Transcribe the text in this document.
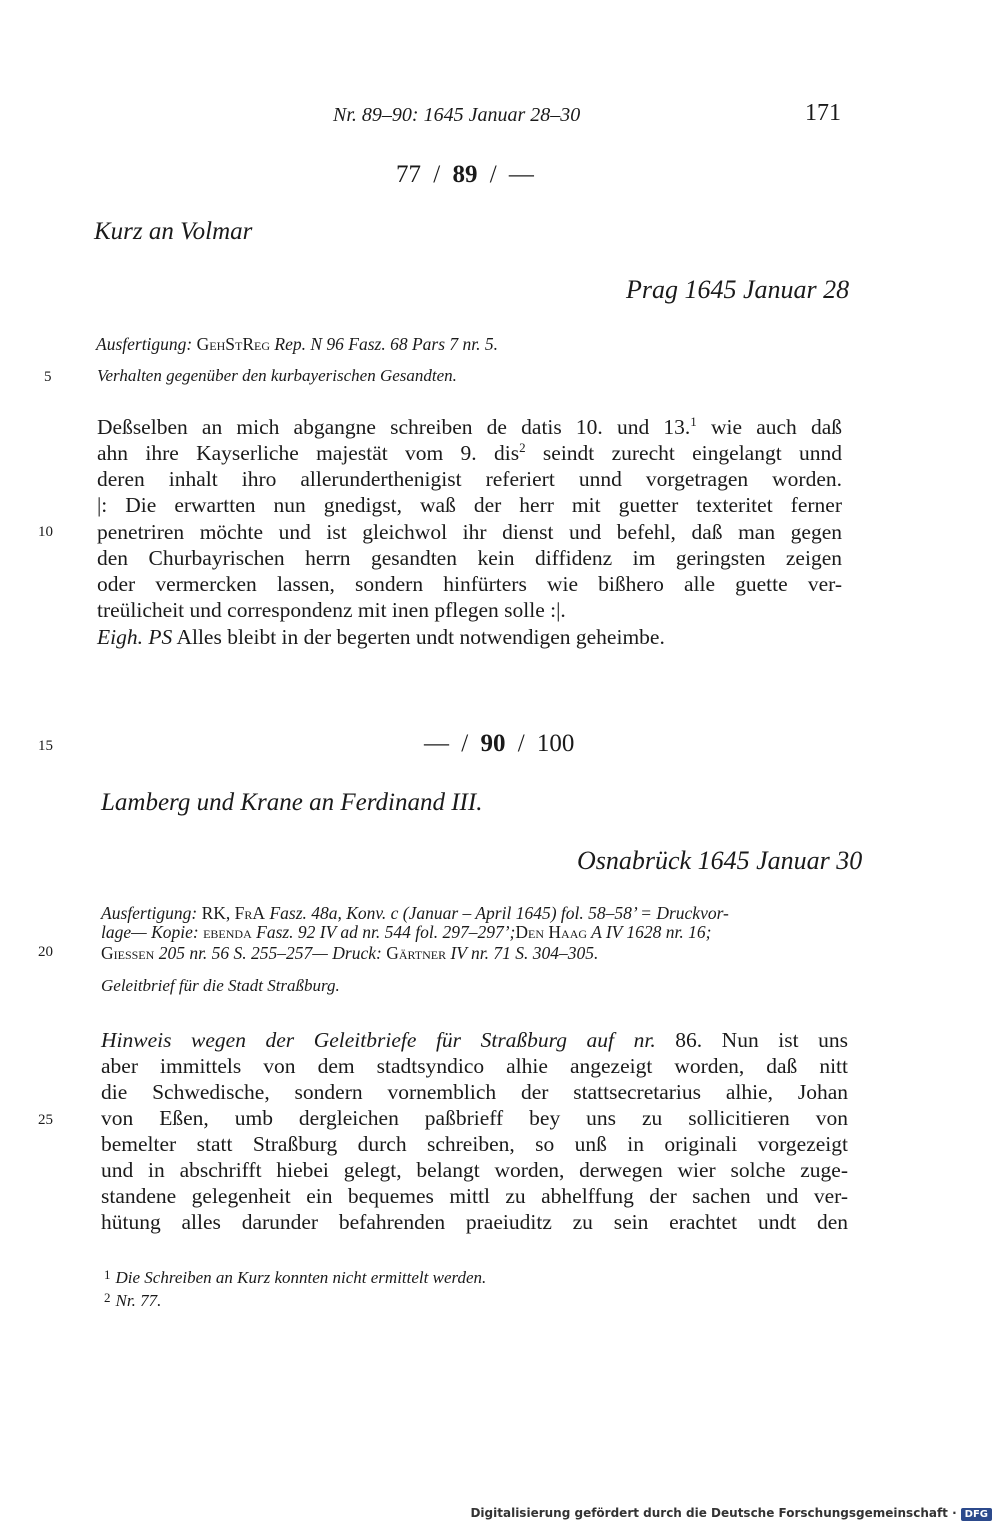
Nr. 89–90: 1645 Januar 28–30	171
77 / 89 / —
Kurz an Volmar
Prag 1645 Januar 28
Ausfertigung: GehStReg Rep. N 96 Fasz. 68 Pars 7 nr. 5.
Verhalten gegenüber den kurbayerischen Gesandten.
Deßselben an mich abgangne schreiben de datis 10. und 13.$^1$ wie auch daß
ahn ihre Kayserliche majestät vom 9. dis$^2$ seindt zurecht eingelangt unnd
deren inhalt ihro allerunderthenigist referiert unnd vorgetragen worden.
|: Die erwartten nun gnedigst, waß der herr mit guetter texteritet ferner
penetriren möchte und ist gleichwol ihr dienst und befehl, daß man gegen
den Churbayrischen herrn gesandten kein diffidenz im geringsten zeigen
oder vermercken lassen, sondern hinfürters wie bißhero alle guette ver-
treülicheit und correspondenz mit inen pflegen solle :|.
Eigh. PS Alles bleibt in der begerten undt notwendigen geheimbe.
— / 90 / 100
Lamberg und Krane an Ferdinand III.
Osnabrück 1645 Januar 30
Ausfertigung: RK, FrA Fasz. 48a, Konv. c (Januar – April 1645) fol. 58–58’ = Druckvor-
lage— Kopie: ebenda Fasz. 92 IV ad nr. 544 fol. 297–297’;Den Haag A IV 1628 nr. 16;
Giessen 205 nr. 56 S. 255–257— Druck: Gärtner IV nr. 71 S. 304–305.
Geleitbrief für die Stadt Straßburg.
Hinweis wegen der Geleitbriefe für Straßburg auf nr. 86. Nun ist uns
aber immittels von dem stadtsyndico alhie angezeigt worden, daß nitt
die Schwedische, sondern vornemblich der stattsecretarius alhie, Johan
von Eßen, umb dergleichen paßbrieff bey uns zu sollicitieren von
bemelter statt Straßburg durch schreiben, so unß in originali vorgezeigt
und in abschrifft hiebei gelegt, belangt worden, derwegen wier solche zuge-
standene gelegenheit ein bequemes mittl zu abhelffung der sachen und ver-
hütung alles darunder befahrenden praeiuditz zu sein erachtet undt den
5
10
15
20
25
$^1$ Die Schreiben an Kurz konnten nicht ermittelt werden.
$^2$ Nr. 77.
Digitalisierung gefördert durch die Deutsche Forschungsgemeinschaft · DFG
